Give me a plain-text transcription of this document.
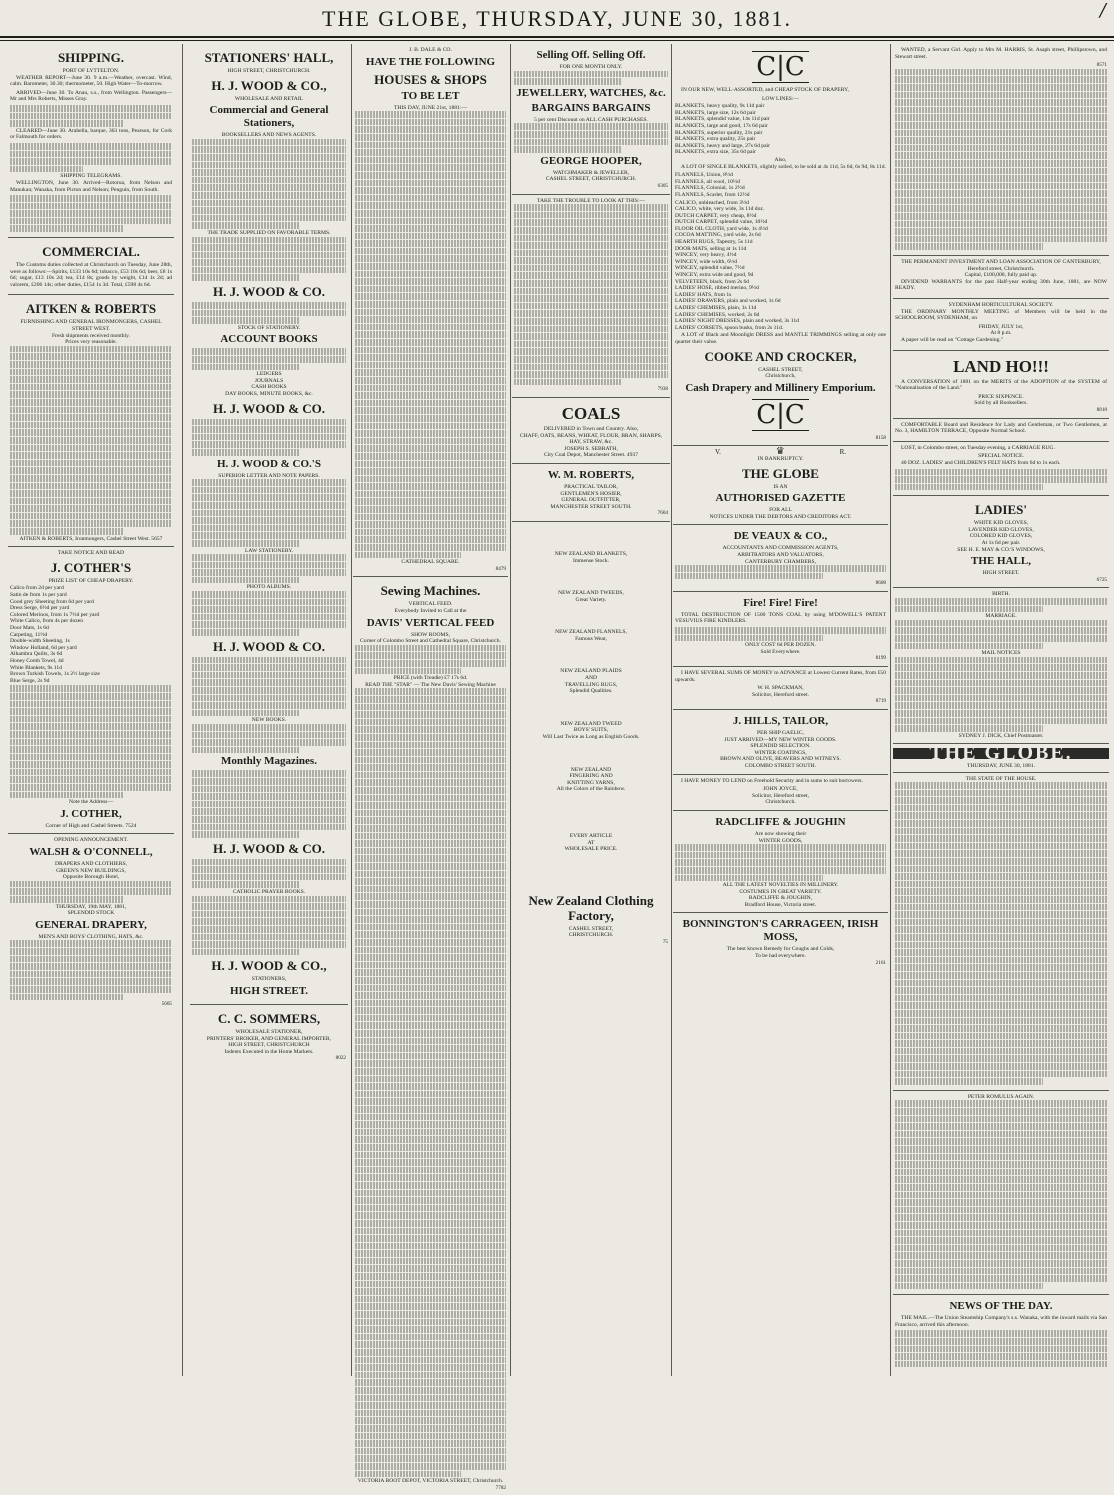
THE GLOBE, THURSDAY, JUNE 30, 1881.	/
SHIPPING.
PORT OF LYTTELTON.

WEATHER REPORT—June 30. 9 a.m.—Weather, overcast. Wind, calm. Barometer, 30.30; thermometer, 50. High Water—To-morrow.

ARRIVED—June 30. To Anau, s.s., from Wellington. Passengers—Mr and Mrs Roberts, Misses Gray.

CLEARED—June 30. Arabella, barque, 363 tons, Pearson, for Cork or Falmouth for orders.

SHIPPING TELEGRAMS.

WELLINGTON, June 30. Arrived—Rotorua, from Nelson and Manukau; Wanaka, from Picton and Nelson; Penguin, from South.

COMMERCIAL.

The Customs duties collected at Christchurch on Tuesday, June 28th, were as follows:—Spirits, £133 10s 6d; tobacco, £53 10s 6d; beer, £8 1s 6d; sugar, £13 10s 2d; tea, £14 8s; goods by weight, £14 1s 2d; ad valorem, £206 14s; other duties, £154 1s 3d. Total, £598 4s 6d.

AITKEN & ROBERTS
FURNISHING AND GENERAL IRONMONGERS, CASHEL STREET WEST.
Fresh shipments received monthly.
Prices very reasonable.
AITKEN & ROBERTS, Ironmongers, Cashel Street West. 5657
TAKE NOTICE AND READ
J. COTHER'S
PRIZE LIST OF CHEAP DRAPERY.
Calico from 2d per yard
Satin de from 1s per yard
Good grey Sheeting from 6d per yard
Dress Serge, 6½d per yard
Colored Merinos, from 1s 7½d per yard
White Calico, from 4s per dozen
Door Mats, 1s 6d
Carpeting, 11½d
Double-width Sheeting, 1s
Window Holland, 6d per yard
Alhambra Quilts, 3s 6d
Honey Comb Towel, 4d
White Blankets, 9s 11d
Brown Turkish Towels, 1s 2½ large size
Blue Serge, 2s 9d
Note the Address—
J. COTHER,
Corner of High and Cashel Streets. 7524
OPENING ANNOUNCEMENT.
WALSH & O'CONNELL,
DRAPERS AND CLOTHIERS,
GREEN'S NEW BUILDINGS,
Opposite Borough Hotel,
THURSDAY, 19th MAY, 1881,
SPLENDID STOCK
GENERAL DRAPERY,
MEN'S AND BOYS' CLOTHING, HATS, &c.
5605
STATIONERS' HALL,
HIGH STREET, CHRISTCHURCH.
H. J. WOOD & CO.,
WHOLESALE AND RETAIL
Commercial and General Stationers,
BOOKSELLERS AND NEWS AGENTS.
THE TRADE SUPPLIED ON FAVORABLE TERMS.
H. J. WOOD & CO.
STOCK OF STATIONERY.
ACCOUNT BOOKS
LEDGERS
JOURNALS
CASH BOOKS
DAY BOOKS, MINUTE BOOKS, &c.
H. J. WOOD & CO.
H. J. WOOD & CO.'S
SUPERIOR LETTER AND NOTE PAPERS.
LAW STATIONERY.
PHOTO ALBUMS.
H. J. WOOD & CO.
NEW BOOKS.
Monthly Magazines.
H. J. WOOD & CO.
CATHOLIC PRAYER BOOKS.
H. J. WOOD & CO.,
STATIONERS,
HIGH STREET.
C. C. SOMMERS,
WHOLESALE STATIONER,
PRINTERS' BROKER, AND GENERAL IMPORTER,
HIGH STREET, CHRISTCHURCH
Indents Executed in the Home Markets.
8022
J. B. DALE & CO.
HAVE THE FOLLOWING
HOUSES & SHOPS
TO BE LET
THIS DAY, JUNE 21st, 1881:—
CATHEDRAL SQUARE.
8479
Sewing Machines.
VERTICAL FEED.
Everybody Invited to Call at the
DAVIS' VERTICAL FEED
SHOW ROOMS,
Corner of Colombo Street and Cathedral Square, Christchurch.
PRICE (with Treadle) £7 17s 6d.
READ THE "STAR" — The New Davis' Sewing Machine
VICTORIA BOOT DEPOT, VICTORIA STREET, Christchurch.
7782
Selling Off. Selling Off.
FOR ONE MONTH ONLY.
JEWELLERY, WATCHES, &c.
BARGAINS BARGAINS
5 per cent Discount on ALL CASH PURCHASES.
GEORGE HOOPER,
WATCHMAKER & JEWELLER,
CASHEL STREET, CHRISTCHURCH.
6305
TAKE THE TROUBLE TO LOOK AT THIS:—
7938
COALS
DELIVERED in Town and Country. Also,
CHAFF, OATS, BEANS, WHEAT, FLOUR, BRAN, SHARPS, HAY, STRAW, &c.
JOSEPH S. SEBRATH,
City Coal Depot, Manchester Street. 4937
W. M. ROBERTS,
PRACTICAL TAILOR,
GENTLEMEN'S HOSIER,
GENERAL OUTFITTER,
MANCHESTER STREET SOUTH.
7604
NEW ZEALAND BLANKETS,
Immense Stock.
NEW ZEALAND TWEEDS,
Great Variety.
NEW ZEALAND FLANNELS,
Famous Wear,
NEW ZEALAND PLAIDS
AND
TRAVELLING RUGS,
Splendid Qualities.
NEW ZEALAND TWEED
BOYS' SUITS,
Will Last Twice as Long as English Goods.
NEW ZEALAND
FINGERING AND
KNITTING YARNS,
All the Colors of the Rainbow.
EVERY ARTICLE
AT
WHOLESALE PRICE.
New Zealand Clothing Factory,
CASHEL STREET,
CHRISTCHURCH.
75
C|C

IN OUR NEW, WELL-ASSORTED, and CHEAP STOCK OF DRAPERY,

LOW LINES:—
BLANKETS, heavy quality, 9s 11d pair
BLANKETS, large size, 12s 6d pair
BLANKETS, splendid value, 14s 11d pair
BLANKETS, large and good, 17s 6d pair
BLANKETS, superior quality, 21s pair
BLANKETS, extra quality, 25s pair
BLANKETS, heavy and large, 27s 6d pair
BLANKETS, extra size, 35s 6d pair
Also,

A LOT OF SINGLE BLANKETS, slightly soiled, to be sold at 4s 11d, 5s 6d, 6s 9d, 8s 11d.

FLANNELS, Union, 8½d
FLANNELS, all wool, 10½d
FLANNELS, Colonial, 1s 2½d
FLANNELS, Scarlet, from 12½d
CALICO, unbleached, from 3½d
CALICO, white, very wide, 3s 11d doz.
DUTCH CARPET, very cheap, 8½d
DUTCH CARPET, splendid value, 10½d
FLOOR OIL CLOTH, yard wide, 1s 4½d
COCOA MATTING, yard wide, 2s 6d
HEARTH RUGS, Tapestry, 5s 11d
DOOR MATS, selling at 1s 11d
WINCEY, very heavy, 4½d
WINCEY, wide width, 6½d
WINCEY, splendid value, 7½d
WINCEY, extra wide and good, 9d
VELVETEEN, black, from 2s 6d
LADIES' HOSE, ribbed merino, 9½d
LADIES' HATS, from 1s
LADIES' DRAWERS, plain and worked, 1s 6d
LADIES' CHEMISES, plain, 1s 11d
LADIES' CHEMISES, worked, 2s 6d
LADIES' NIGHT DRESSES, plain and worked, 3s 11d
LADIES' CORSETS, spoon busks, from 2s 11d.

A LOT of Black and Moonlight DRESS and MANTLE TRIMMINGS selling at only one quarter their value.

COOKE AND CROCKER,
CASHEL STREET,
Christchurch,
Cash Drapery and Millinery Emporium.
C|C
8158
V.	♛	R.
IN BANKRUPTCY.
THE GLOBE
IS AN
AUTHORISED GAZETTE
FOR ALL
NOTICES UNDER THE DEBTORS AND CREDITORS ACT.
DE VEAUX & CO.,
ACCOUNTANTS AND COMMISSION AGENTS,
ARBITRATORS AND VALUATORS,
CANTERBURY CHAMBERS,
8608
Fire! Fire! Fire!

TOTAL DESTRUCTION OF 1500 TONS COAL by using M'DOWELL'S PATENT VESUVIUS FIRE KINDLERS.

ONLY COST 6d PER DOZEN.
Sold Everywhere.
8199

I HAVE SEVERAL SUMS OF MONEY to ADVANCE at Lowest Current Rates, from £50 upwards.

W. H. SPACKMAN,
Solicitor, Hereford street.
8719
J. HILLS, TAILOR,
PER SHIP GAELIC,
JUST ARRIVED—MY NEW WINTER GOODS.
SPLENDID SELECTION.
WINTER COATINGS,
BROWN AND OLIVE, BEAVERS AND WITNEYS.
COLOMBO STREET SOUTH.

I HAVE MONEY TO LEND on Freehold Security and in sums to suit borrowers.

JOHN JOYCE,
Solicitor, Hereford street,
Christchurch.
RADCLIFFE & JOUGHIN
Are now showing their
WINTER GOODS,
ALL THE LATEST NOVELTIES IN MILLINERY.
COSTUMES IN GREAT VARIETY.
RADCLIFFE & JOUGHIN,
Bradford House, Victoria street.
BONNINGTON'S CARRAGEEN, IRISH MOSS,
The best known Remedy for Coughs and Colds,
To be had everywhere.
2161

WANTED, a Servant Girl. Apply to Mrs M. HARRIS, St. Asaph street, Phillipstown, and Stewart street.

8571
THE PERMANENT INVESTMENT AND LOAN ASSOCIATION OF CANTERBURY,
Hereford street, Christchurch.
Capital, £100,000, fully paid up.

DIVIDEND WARRANTS for the past Half-year ending 30th June, 1881, are NOW READY.

SYDENHAM HORTICULTURAL SOCIETY.

THE ORDINARY MONTHLY MEETING of Members will be held in the SCHOOLROOM, SYDENHAM, on

FRIDAY, JULY 1st,
At 8 p.m.

A paper will be read on "Cottage Gardening."

LAND HO!!!

A CONVERSATION of 1881 on the MERITS of the ADOPTION of the SYSTEM of "Nationalisation of the Land."

PRICE SIXPENCE.
Sold by all Booksellers.
8818

COMFORTABLE Board and Residence for Lady and Gentleman, or Two Gentlemen, at No. 3, HAMILTON TERRACE, Opposite Normal School.

LOST, in Colombo street, on Tuesday evening, a CARRIAGE RUG.

SPECIAL NOTICE.

40 DOZ. LADIES' and CHILDREN'S FELT HATS from 6d to 1s each.

LADIES'
WHITE KID GLOVES,
LAVENDER KID GLOVES,
COLORED KID GLOVES,
At 1s 6d per pair.
SEE H. E. MAY & CO.'S WINDOWS,
THE HALL,
HIGH STREET.
6725
BIRTH.
MARRIAGE.
MAIL NOTICES
SYDNEY J. DICK, Chief Postmaster.
THE GLOBE.
THURSDAY, JUNE 30, 1881.
THE STATE OF THE HOUSE.
PETER ROMULUS AGAIN.
NEWS OF THE DAY.

THE MAIL.—The Union Steamship Company's s.s. Wanaka, with the inward mails via San Francisco, arrived this afternoon.
